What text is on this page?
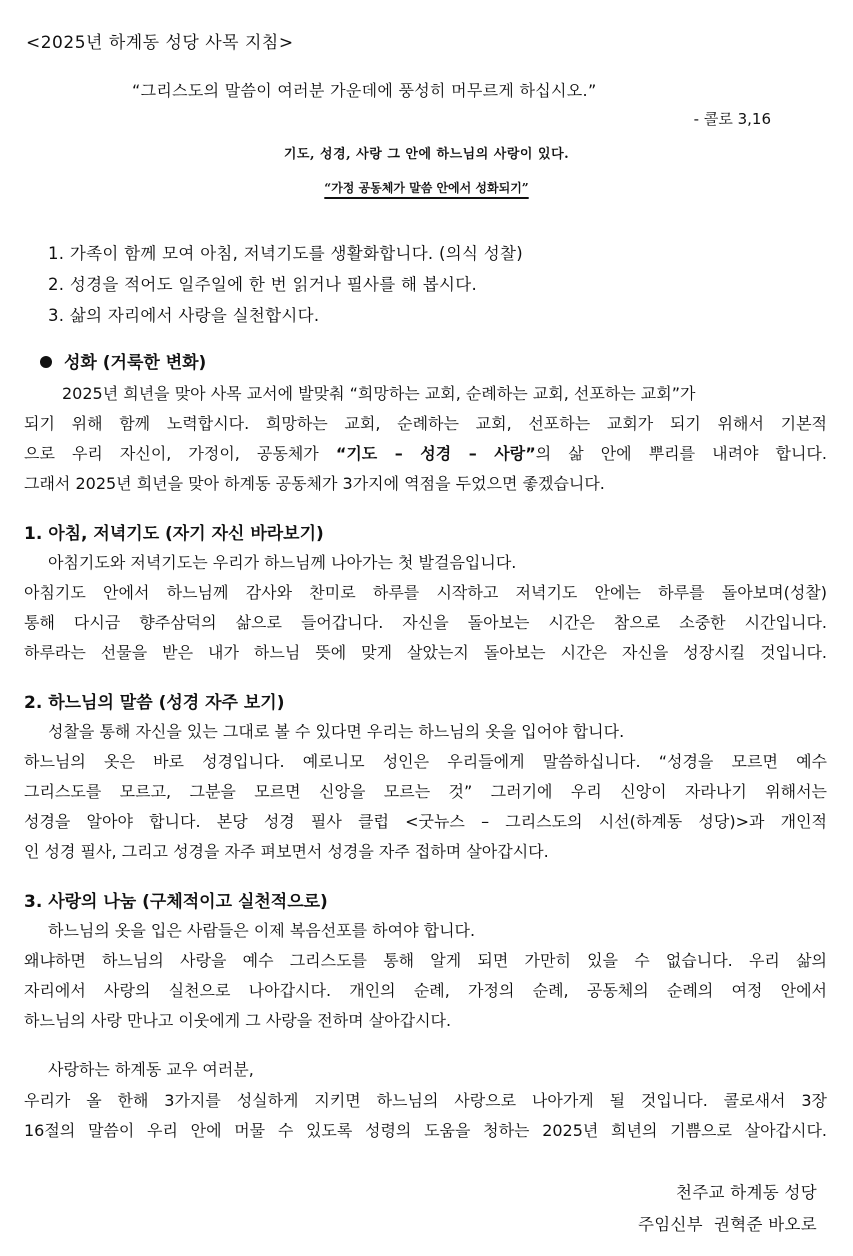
<2025년 하계동 성당 사목 지침>
“그리스도의 말씀이 여러분 가운데에 풍성히 머무르게 하십시오.”
- 콜로 3,16
기도, 성경, 사랑 그 안에 하느님의 사랑이 있다.
“가정 공동체가 말씀 안에서 성화되기”
1. 가족이 함께 모여 아침, 저녁기도를 생활화합니다. (의식 성찰)
2. 성경을 적어도 일주일에 한 번 읽거나 필사를 해 봅시다.
3. 삶의 자리에서 사랑을 실천합시다.
성화 (거룩한 변화)
2025년 희년을 맞아 사목 교서에 발맞춰 “희망하는 교회, 순례하는 교회, 선포하는 교회”가
되기 위해 함께 노력합시다. 희망하는 교회, 순례하는 교회, 선포하는 교회가 되기 위해서 기본적
으로 우리 자신이, 가정이, 공동체가 “기도 – 성경 – 사랑”의 삶 안에 뿌리를 내려야 합니다.
그래서 2025년 희년을 맞아 하계동 공동체가 3가지에 역점을 두었으면 좋겠습니다.
1. 아침, 저녁기도 (자기 자신 바라보기)
아침기도와 저녁기도는 우리가 하느님께 나아가는 첫 발걸음입니다.
아침기도 안에서 하느님께 감사와 찬미로 하루를 시작하고 저녁기도 안에는 하루를 돌아보며(성찰)
통해 다시금 향주삼덕의 삶으로 들어갑니다. 자신을 돌아보는 시간은 참으로 소중한 시간입니다.
하루라는 선물을 받은 내가 하느님 뜻에 맞게 살았는지 돌아보는 시간은 자신을 성장시킬 것입니다.
2. 하느님의 말씀 (성경 자주 보기)
성찰을 통해 자신을 있는 그대로 볼 수 있다면 우리는 하느님의 옷을 입어야 합니다.
하느님의 옷은 바로 성경입니다. 예로니모 성인은 우리들에게 말씀하십니다. “성경을 모르면 예수
그리스도를 모르고, 그분을 모르면 신앙을 모르는 것” 그러기에 우리 신앙이 자라나기 위해서는
성경을 알아야 합니다. 본당 성경 필사 클럽 <굿뉴스 – 그리스도의 시선(하계동 성당)>과 개인적
인 성경 필사, 그리고 성경을 자주 펴보면서 성경을 자주 접하며 살아갑시다.
3. 사랑의 나눔 (구체적이고 실천적으로)
하느님의 옷을 입은 사람들은 이제 복음선포를 하여야 합니다.
왜냐하면 하느님의 사랑을 예수 그리스도를 통해 알게 되면 가만히 있을 수 없습니다. 우리 삶의
자리에서 사랑의 실천으로 나아갑시다. 개인의 순례, 가정의 순례, 공동체의 순례의 여정 안에서
하느님의 사랑 만나고 이웃에게 그 사랑을 전하며 살아갑시다.
사랑하는 하계동 교우 여러분,
우리가 올 한해 3가지를 성실하게 지키면 하느님의 사랑으로 나아가게 될 것입니다. 콜로새서 3장
16절의 말씀이 우리 안에 머물 수 있도록 성령의 도움을 청하는 2025년 희년의 기쁨으로 살아갑시다.
천주교 하계동 성당
주임신부  권혁준 바오로
